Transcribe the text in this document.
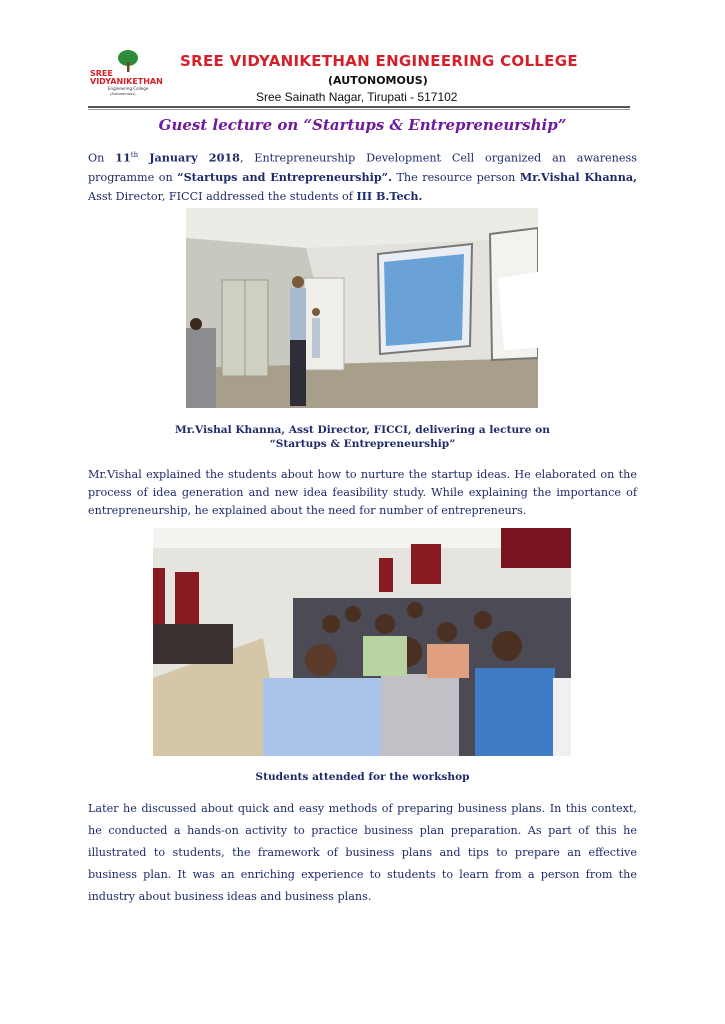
SREE
VIDYANIKETHAN
Engineering College
(Autonomous)
SREE VIDYANIKETHAN ENGINEERING COLLEGE
(AUTONOMOUS)
Sree Sainath Nagar, Tirupati - 517102
Guest lecture on “Startups & Entrepreneurship”
On 11th January 2018, Entrepreneurship Development Cell organized an awareness programme on “Startups and Entrepreneurship”. The resource person Mr.Vishal Khanna, Asst Director, FICCI addressed the students of III B.Tech.
Mr.Vishal Khanna, Asst Director, FICCI, delivering a lecture on
“Startups & Entrepreneurship”
Mr.Vishal explained the students about how to nurture the startup ideas. He elaborated on the process of idea generation and new idea feasibility study. While explaining the importance of entrepreneurship, he explained about the need for number of entrepreneurs.
Students attended for the workshop
Later he discussed about quick and easy methods of preparing business plans. In this context, he conducted a hands-on activity to practice business plan preparation. As part of this he illustrated to students, the framework of business plans and tips to prepare an effective business plan. It was an enriching experience to students to learn from a person from the industry about business ideas and business plans.
